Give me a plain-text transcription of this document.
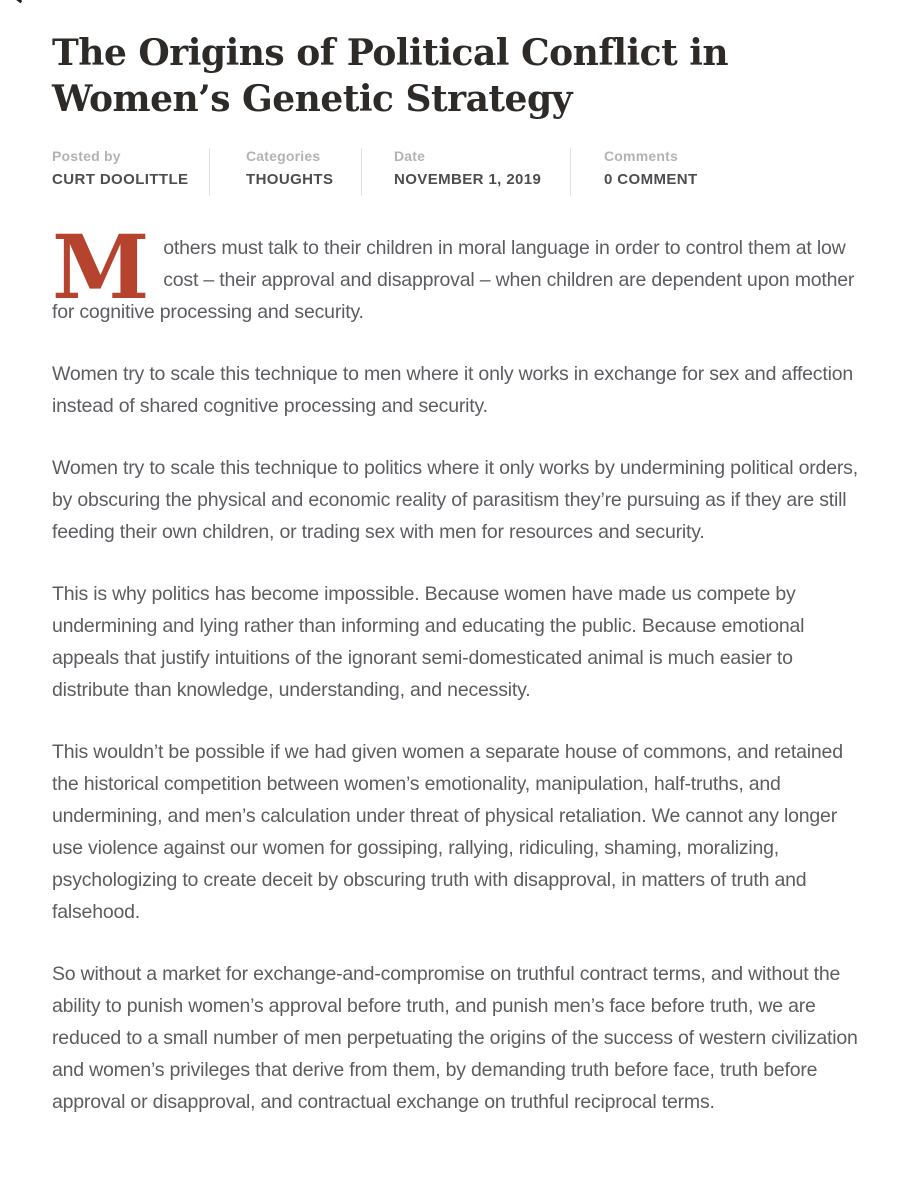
The Origins of Political Conflict in Women’s Genetic Strategy
Posted by
CURT DOOLITTLE
Categories
THOUGHTS
Date
NOVEMBER 1, 2019
Comments
0 COMMENT

Mothers must talk to their children in moral language in order to control them at low cost – their approval and disapproval – when children are dependent upon mother for cognitive processing and security.

Women try to scale this technique to men where it only works in exchange for sex and affection instead of shared cognitive processing and security.

Women try to scale this technique to politics where it only works by undermining political orders, by obscuring the physical and economic reality of parasitism they’re pursuing as if they are still feeding their own children, or trading sex with men for resources and security.

This is why politics has become impossible. Because women have made us compete by undermining and lying rather than informing and educating the public. Because emotional appeals that justify intuitions of the ignorant semi-domesticated animal is much easier to distribute than knowledge, understanding, and necessity.

This wouldn’t be possible if we had given women a separate house of commons, and retained the historical competition between women’s emotionality, manipulation, half-truths, and undermining, and men’s calculation under threat of physical retaliation. We cannot any longer use violence against our women for gossiping, rallying, ridiculing, shaming, moralizing, psychologizing to create deceit by obscuring truth with disapproval, in matters of truth and falsehood.

So without a market for exchange-and-compromise on truthful contract terms, and without the ability to punish women’s approval before truth, and punish men’s face before truth, we are reduced to a small number of men perpetuating the origins of the success of western civilization and women’s privileges that derive from them, by demanding truth before face, truth before approval or disapproval, and contractual exchange on truthful reciprocal terms.
